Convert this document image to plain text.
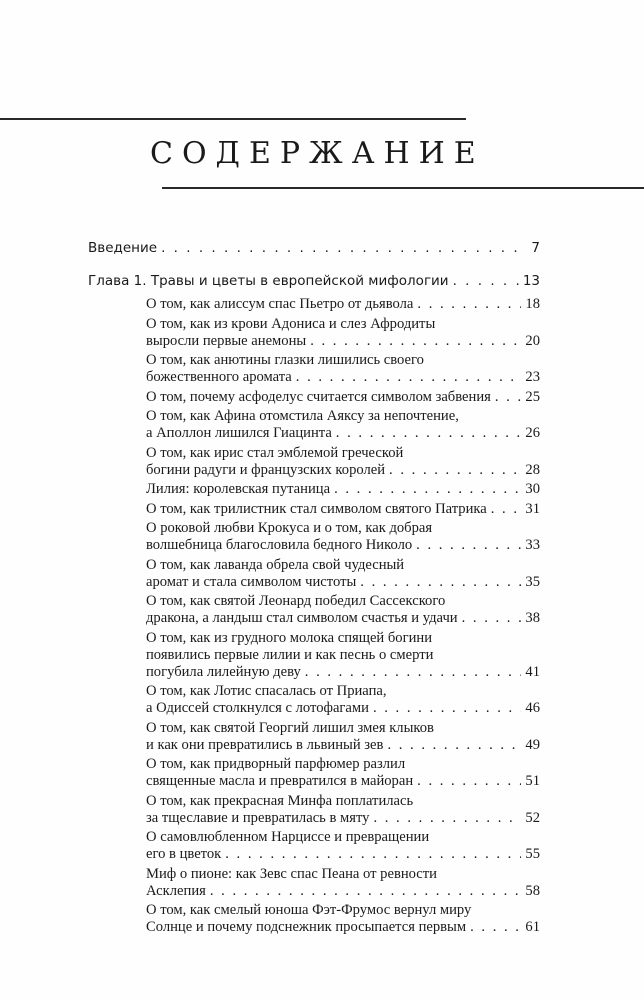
СОДЕРЖАНИЕ
Введение . . .	7
Глава 1. Травы и цветы в европейской мифологии . . .	13
О том, как алиссум спас Пьетро от дьявола . . .	18
О том, как из крови Адониса и слез Афродиты
выросли первые анемоны . . .	20
О том, как анютины глазки лишились своего
божественного аромата . . .	23
О том, почему асфоделус считается символом забвения . . . 25
О том, как Афина отомстила Аяксу за непочтение,
а Аполлон лишился Гиацинта . . .	26
О том, как ирис стал эмблемой греческой
богини радуги и французских королей . . .	28
Лилия: королевская путаница . . .	30
О том, как трилистник стал символом святого Патрика . . .	31
О роковой любви Крокуса и о том, как добрая
волшебница благословила бедного Николо . . .	33
О том, как лаванда обрела свой чудесный
аромат и стала символом чистоты . . .	35
О том, как святой Леонард победил Сассекского
дракона, а ландыш стал символом счастья и удачи . . .	38
О том, как из грудного молока спящей богини
появились первые лилии и как песнь о смерти
погубила лилейную деву . . .	41
О том, как Лотис спасалась от Приапа,
а Одиссей столкнулся с лотофагами . . .	46
О том, как святой Георгий лишил змея клыков
и как они превратились в львиный зев . . .	49
О том, как придворный парфюмер разлил
священные масла и превратился в майоран . . .	51
О том, как прекрасная Минфа поплатилась
за тщеславие и превратилась в мяту . . .	52
О самовлюбленном Нарциссе и превращении
его в цветок . . .	55
Миф о пионе: как Зевс спас Пеана от ревности
Асклепия . . .	58
О том, как смелый юноша Фэт-Фрумос вернул миру
Солнце и почему подснежник просыпается первым . . .	61
